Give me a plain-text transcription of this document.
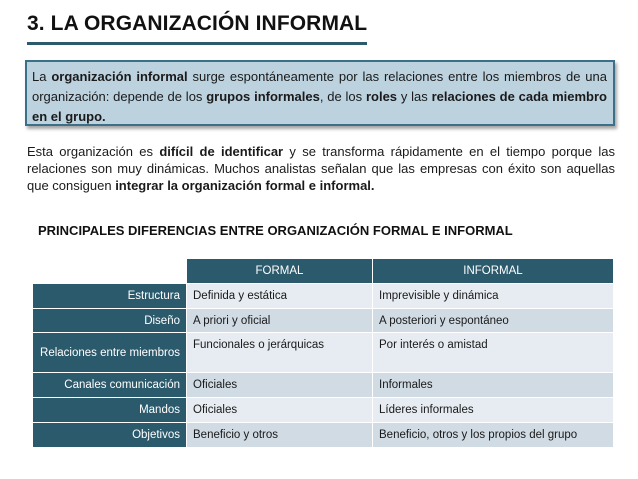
3. LA ORGANIZACIÓN INFORMAL
La organización informal surge espontáneamente por las relaciones entre los miembros de una organización: depende de los grupos informales, de los roles y las relaciones de cada miembro en el grupo.
Esta organización es difícil de identificar y se transforma rápidamente en el tiempo porque las relaciones son muy dinámicas. Muchos analistas señalan que las empresas con éxito son aquellas que consiguen integrar la organización formal e informal.
PRINCIPALES DIFERENCIAS ENTRE ORGANIZACIÓN FORMAL E INFORMAL
	FORMAL	INFORMAL
Estructura	Definida y estática	Imprevisible y dinámica
Diseño	A priori y oficial	A posteriori y espontáneo
Relaciones entre miembros	Funcionales o jerárquicas	Por interés o amistad
Canales comunicación	Oficiales	Informales
Mandos	Oficiales	Líderes informales
Objetivos	Beneficio y otros	Beneficio, otros y los propios del grupo
